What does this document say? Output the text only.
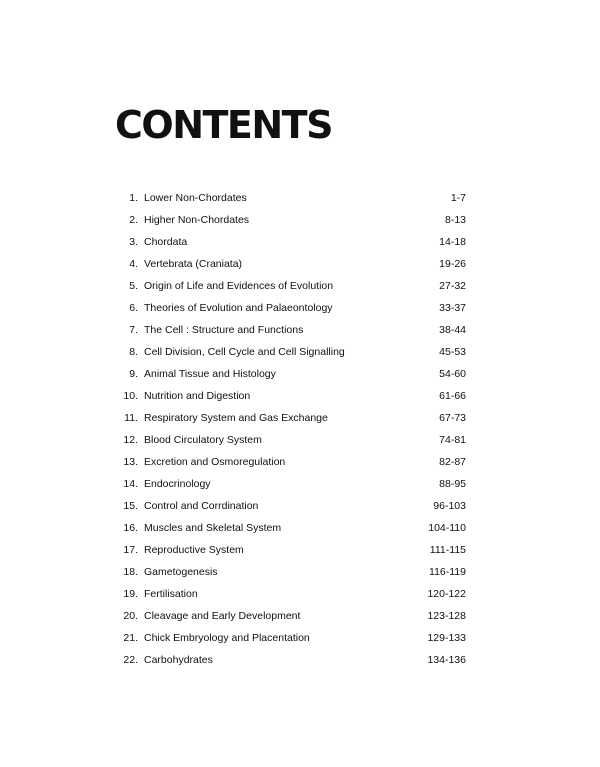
CONTENTS
1. Lower Non-Chordates	1-7
2. Higher Non-Chordates	8-13
3. Chordata	14-18
4. Vertebrata (Craniata)	19-26
5. Origin of Life and Evidences of Evolution	27-32
6. Theories of Evolution and Palaeontology	33-37
7. The Cell : Structure and Functions	38-44
8. Cell Division, Cell Cycle and Cell Signalling	45-53
9. Animal Tissue and Histology	54-60
10. Nutrition and Digestion	61-66
11. Respiratory System and Gas Exchange	67-73
12. Blood Circulatory System	74-81
13. Excretion and Osmoregulation	82-87
14. Endocrinology	88-95
15. Control and Corrdination	96-103
16. Muscles and Skeletal System	104-110
17. Reproductive System	111-115
18. Gametogenesis	116-119
19. Fertilisation	120-122
20. Cleavage and Early Development	123-128
21. Chick Embryology and Placentation	129-133
22. Carbohydrates	134-136
